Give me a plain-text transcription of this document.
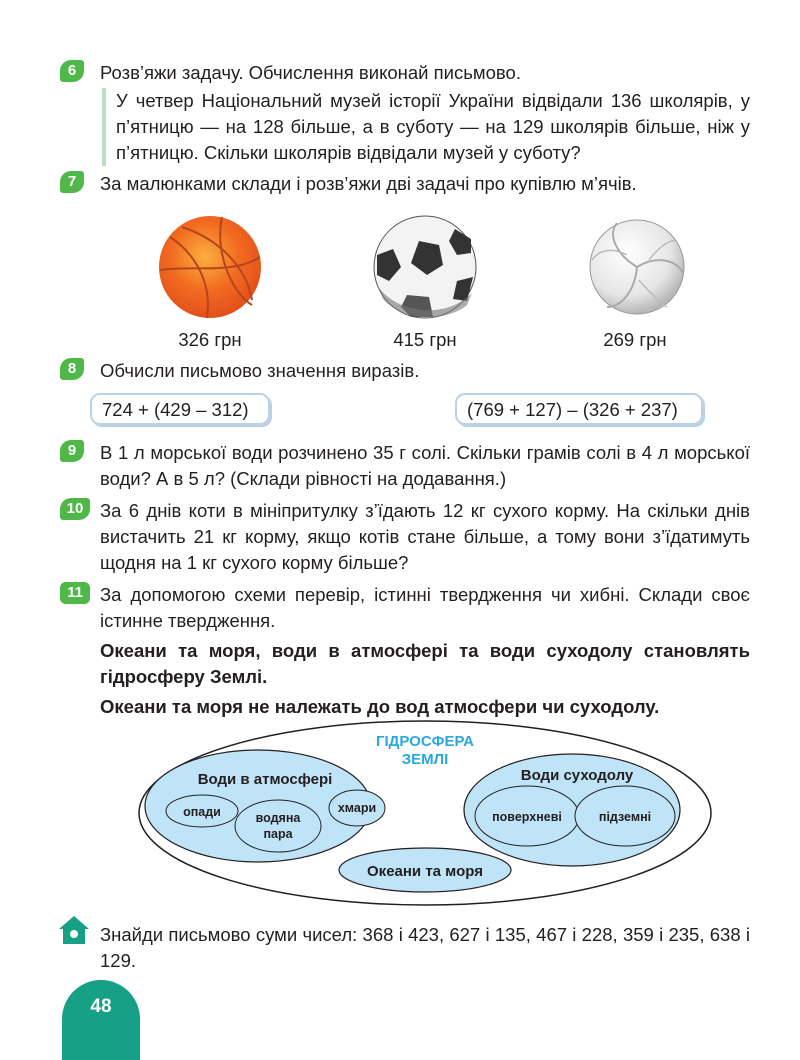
6	Розв’яжи задачу. Обчислення виконай письмово.

У четвер Національний музей історії України відвідали 136 школярів, у п’ятницю — на 128 більше, а в суботу — на 129 школярів більше, ніж у п’ятницю. Скільки школярів відвідали музей у суботу?

7	За малюнками склади і розв’яжи дві задачі про купівлю м’ячів.

326 грн	415 грн	269 грн
8	Обчисли письмово значення виразів.

724 + (429 – 312)	(769 + 127) – (326 + 237)
9	В 1 л морської води розчинено 35 г солі. Скільки грамів солі в 4 л морської води? А в 5 л? (Склади рівності на додавання.)

10 За 6 днів коти в мініпритулку з’їдають 12 кг сухого корму. На скільки днів вистачить 21 кг корму, якщо котів стане більше, а тому вони з’їдатимуть щодня на 1 кг сухого корму більше?

11 За допомогою схеми перевір, істинні твердження чи хибні. Склади своє істинне твердження.

Океани та моря, води в атмосфері та води суходолу становлять гідросферу Землі.

Океани та моря не належать до вод атмосфери чи суходолу.

ГІДРОСФЕРА
ЗЕМЛІ
Води в атмосфері
опади	водяна
пара
хмари
Води суходолу
поверхневі	підземні
Океани та моря

Знайди письмово суми чисел: 368 і 423, 627 і 135, 467 і 228, 359 і 235, 638 і 129.

48
